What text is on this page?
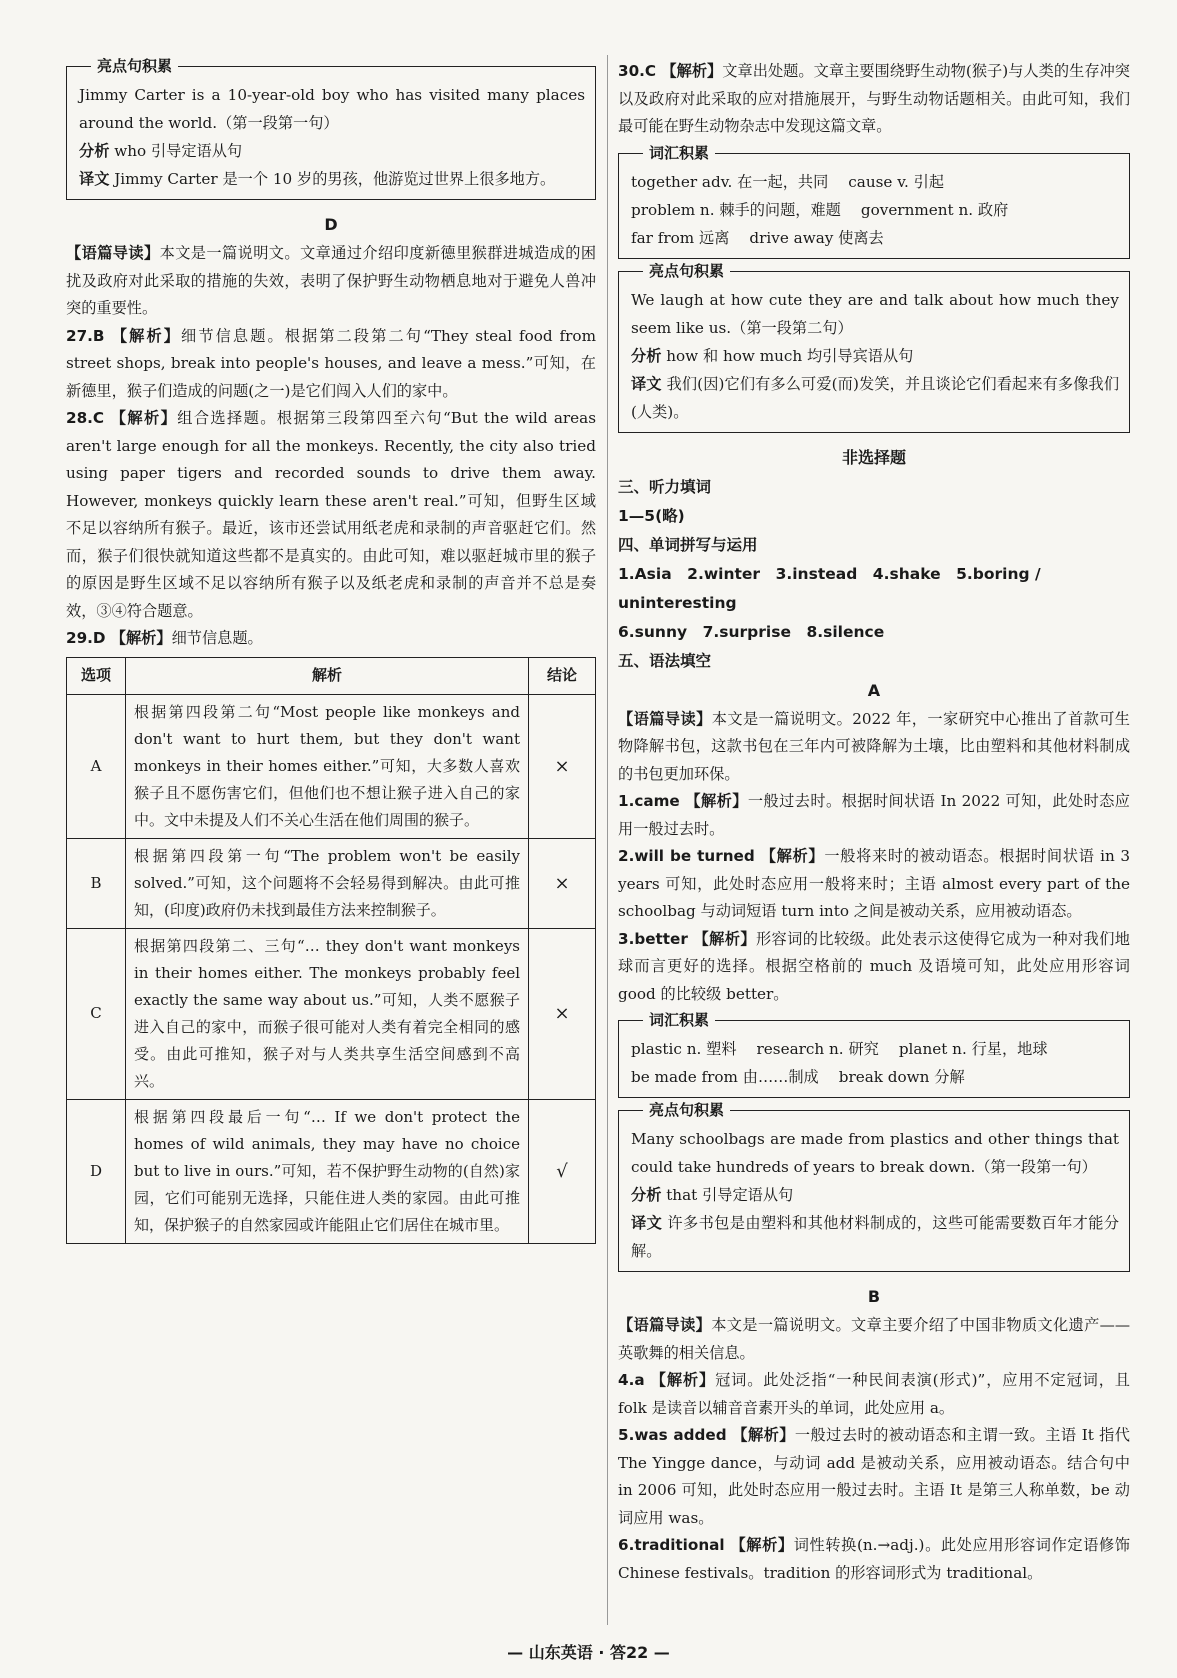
亮点句积累

Jimmy Carter is a 10-year-old boy who has visited many places around the world.（第一段第一句）

分析 who 引导定语从句

译文 Jimmy Carter 是一个 10 岁的男孩，他游览过世界上很多地方。

D

【语篇导读】本文是一篇说明文。文章通过介绍印度新德里猴群进城造成的困扰及政府对此采取的措施的失效，表明了保护野生动物栖息地对于避免人兽冲突的重要性。

27.B 【解析】细节信息题。根据第二段第二句“They steal food from street shops, break into people's houses, and leave a mess.”可知，在新德里，猴子们造成的问题(之一)是它们闯入人们的家中。

28.C 【解析】组合选择题。根据第三段第四至六句“But the wild areas aren't large enough for all the monkeys. Recently, the city also tried using paper tigers and recorded sounds to drive them away. However, monkeys quickly learn these aren't real.”可知，但野生区域不足以容纳所有猴子。最近，该市还尝试用纸老虎和录制的声音驱赶它们。然而，猴子们很快就知道这些都不是真实的。由此可知，难以驱赶城市里的猴子的原因是野生区域不足以容纳所有猴子以及纸老虎和录制的声音并不总是奏效，③④符合题意。

29.D 【解析】细节信息题。

选项	解析	结论
A	根据第四段第二句“Most people like monkeys and don't want to hurt them, but they don't want monkeys in their homes either.”可知，大多数人喜欢猴子且不愿伤害它们，但他们也不想让猴子进入自己的家中。文中未提及人们不关心生活在他们周围的猴子。	×
B	根据第四段第一句“The problem won't be easily solved.”可知，这个问题将不会轻易得到解决。由此可推知，(印度)政府仍未找到最佳方法来控制猴子。	×
C	根据第四段第二、三句“… they don't want monkeys in their homes either. The monkeys probably feel exactly the same way about us.”可知，人类不愿猴子进入自己的家中，而猴子很可能对人类有着完全相同的感受。由此可推知，猴子对与人类共享生活空间感到不高兴。	×
D	根据第四段最后一句“… If we don't protect the homes of wild animals, they may have no choice but to live in ours.”可知，若不保护野生动物的(自然)家园，它们可能别无选择，只能住进人类的家园。由此可推知，保护猴子的自然家园或许能阻止它们居住在城市里。	√

30.C 【解析】文章出处题。文章主要围绕野生动物(猴子)与人类的生存冲突以及政府对此采取的应对措施展开，与野生动物话题相关。由此可知，我们最可能在野生动物杂志中发现这篇文章。

词汇积累

together adv. 在一起，共同　 cause v. 引起

problem n. 棘手的问题，难题　 government n. 政府

far from 远离　 drive away 使离去

亮点句积累

We laugh at how cute they are and talk about how much they seem like us.（第一段第二句）

分析 how 和 how much 均引导宾语从句

译文 我们(因)它们有多么可爱(而)发笑，并且谈论它们看起来有多像我们(人类)。

非选择题
三、听力填词
1—5(略)
四、单词拼写与运用
1.Asia　2.winter　3.instead　4.shake　5.boring / uninteresting
6.sunny　7.surprise　8.silence
五、语法填空
A

【语篇导读】本文是一篇说明文。2022 年，一家研究中心推出了首款可生物降解书包，这款书包在三年内可被降解为土壤，比由塑料和其他材料制成的书包更加环保。

1.came 【解析】一般过去时。根据时间状语 In 2022 可知，此处时态应用一般过去时。

2.will be turned 【解析】一般将来时的被动语态。根据时间状语 in 3 years 可知，此处时态应用一般将来时；主语 almost every part of the schoolbag 与动词短语 turn into 之间是被动关系，应用被动语态。

3.better 【解析】形容词的比较级。此处表示这使得它成为一种对我们地球而言更好的选择。根据空格前的 much 及语境可知，此处应用形容词 good 的比较级 better。

词汇积累

plastic n. 塑料　 research n. 研究　 planet n. 行星，地球

be made from 由……制成　 break down 分解

亮点句积累

Many schoolbags are made from plastics and other things that could take hundreds of years to break down.（第一段第一句）

分析 that 引导定语从句

译文 许多书包是由塑料和其他材料制成的，这些可能需要数百年才能分解。

B

【语篇导读】本文是一篇说明文。文章主要介绍了中国非物质文化遗产——英歌舞的相关信息。

4.a 【解析】冠词。此处泛指“一种民间表演(形式)”，应用不定冠词，且 folk 是读音以辅音音素开头的单词，此处应用 a。

5.was added 【解析】一般过去时的被动语态和主谓一致。主语 It 指代 The Yingge dance，与动词 add 是被动关系，应用被动语态。结合句中 in 2006 可知，此处时态应用一般过去时。主语 It 是第三人称单数，be 动词应用 was。

6.traditional 【解析】词性转换(n.→adj.)。此处应用形容词作定语修饰 Chinese festivals。tradition 的形容词形式为 traditional。

— 山东英语 · 答22 —
